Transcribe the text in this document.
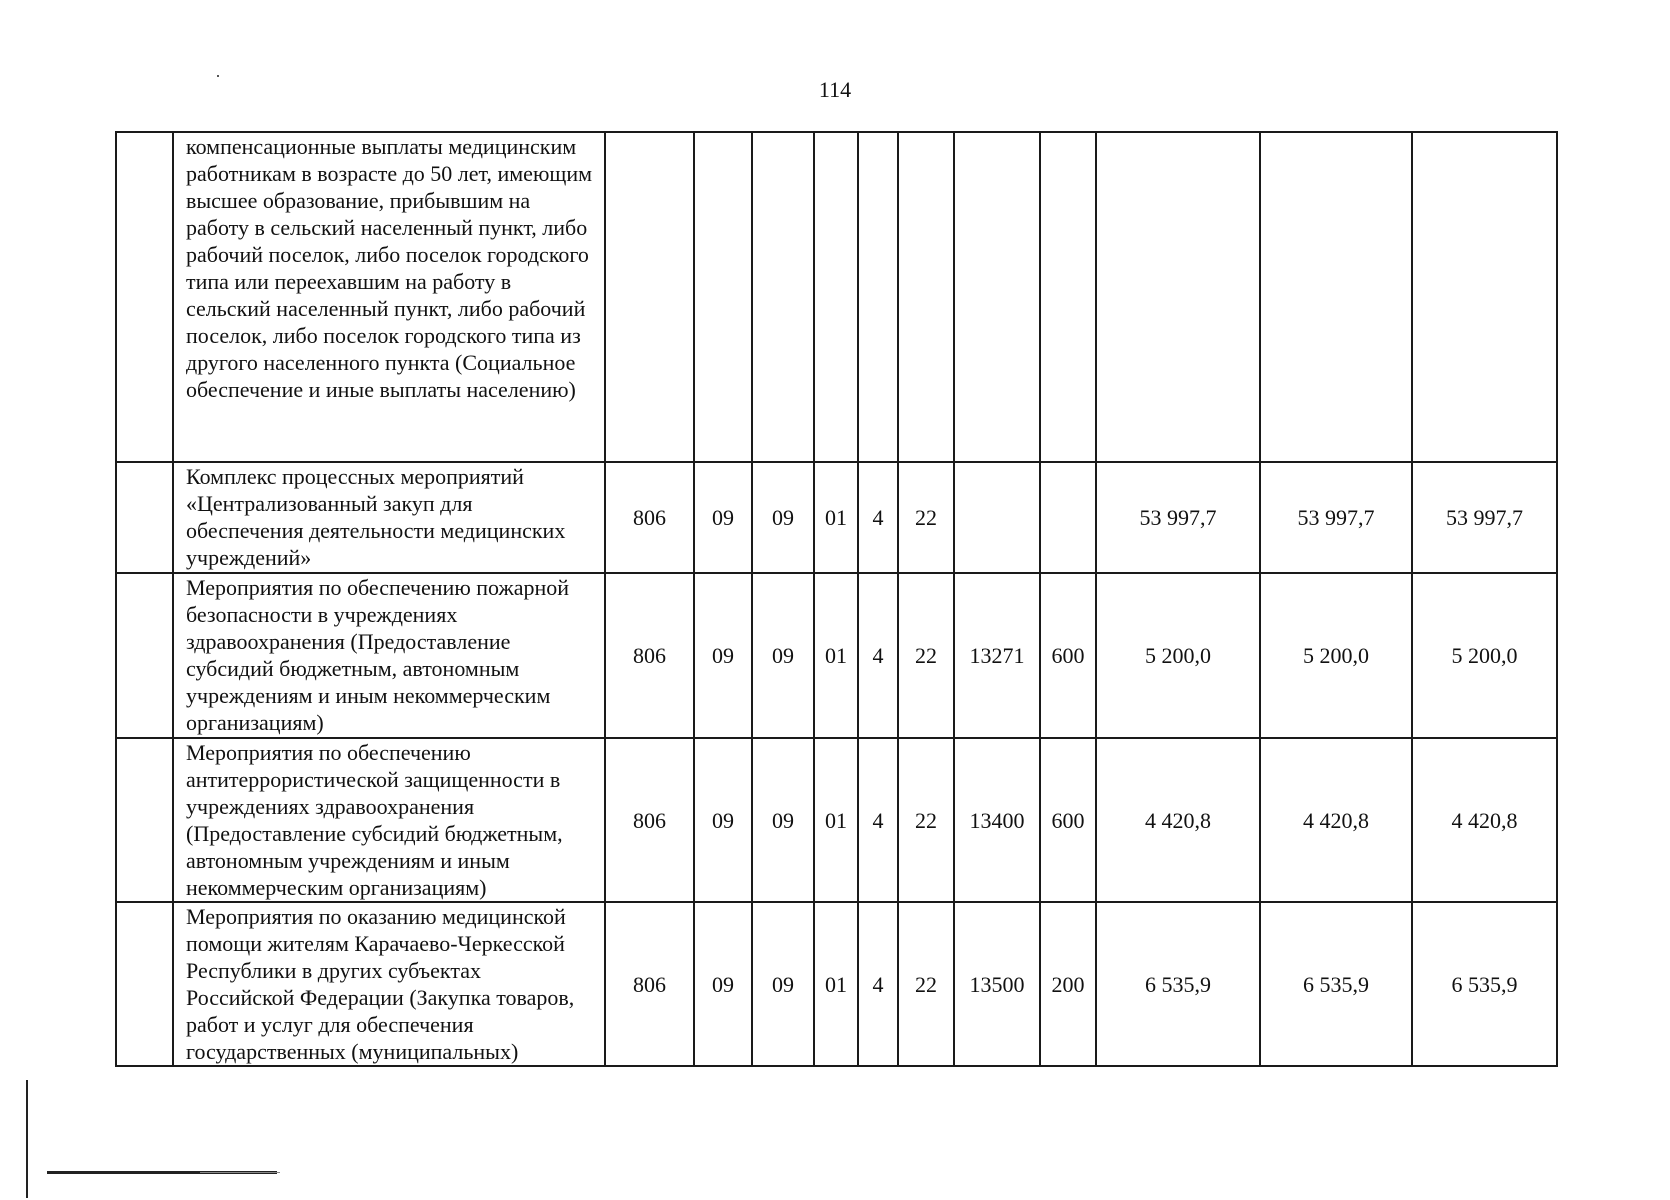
114
	компенсационные выплаты медицинским работникам в возрасте до 50 лет, имеющим высшее образование, прибывшим на работу в сельский населенный пункт, либо рабочий поселок, либо поселок городского типа или переехавшим на работу в сельский населенный пункт, либо рабочий поселок, либо поселок городского типа из другого населенного пункта (Социальное обеспечение и иные выплаты населению)											
	Комплекс процессных мероприятий «Централизованный закуп для обеспечения деятельности медицинских учреждений»	806	09	09	01	4	22			53 997,7	53 997,7	53 997,7
	Мероприятия по обеспечению пожарной безопасности в учреждениях здравоохранения (Предоставление субсидий бюджетным, автономным учреждениям и иным некоммерческим организациям)	806	09	09	01	4	22	13271	600	5 200,0	5 200,0	5 200,0
	Мероприятия по обеспечению антитеррористической защищенности в учреждениях здравоохранения (Предоставление субсидий бюджетным, автономным учреждениям и иным некоммерческим организациям)	806	09	09	01	4	22	13400	600	4 420,8	4 420,8	4 420,8
	Мероприятия по оказанию медицинской помощи жителям Карачаево-Черкесской Республики в других субъектах Российской Федерации (Закупка товаров, работ и услуг для обеспечения государственных (муниципальных)	806	09	09	01	4	22	13500	200	6 535,9	6 535,9	6 535,9
